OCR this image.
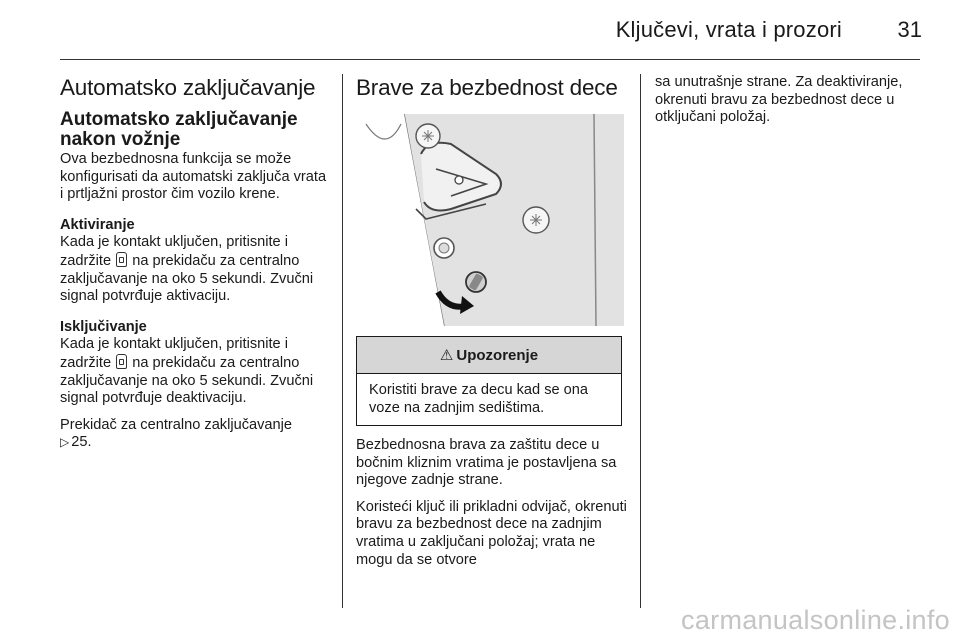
Ključevi, vrata i prozori	31
Automatsko zaključavanje
Automatsko zaključavanje nakon vožnje

Ova bezbednosna funkcija se može konfigurisati da automatski zaključa vrata i prtljažni prostor čim vozilo krene.

Aktiviranje

Kada je kontakt uključen, pritisnite i zadržite na prekidaču za centralno zaključavanje na oko 5 sekundi. Zvučni signal potvrđuje aktivaciju.

Isključivanje

Kada je kontakt uključen, pritisnite i zadržite na prekidaču za centralno zaključavanje na oko 5 sekundi. Zvučni signal potvrđuje deaktivaciju.

Prekidač za centralno zaključavanje
▷ 25.

Brave za bezbednost dece
⚠ Upozorenje
Koristiti brave za decu kad se ona voze na zadnjim sedištima.

Bezbednosna brava za zaštitu dece u bočnim kliznim vratima je postavljena sa njegove zadnje strane.

Koristeći ključ ili prikladni odvijač, okrenuti bravu za bezbednost dece na zadnjim vratima u zaključani položaj; vrata ne mogu da se otvore

sa unutrašnje strane. Za deaktiviranje, okrenuti bravu za bezbednost dece u otključani položaj.

carmanualsonline.info
